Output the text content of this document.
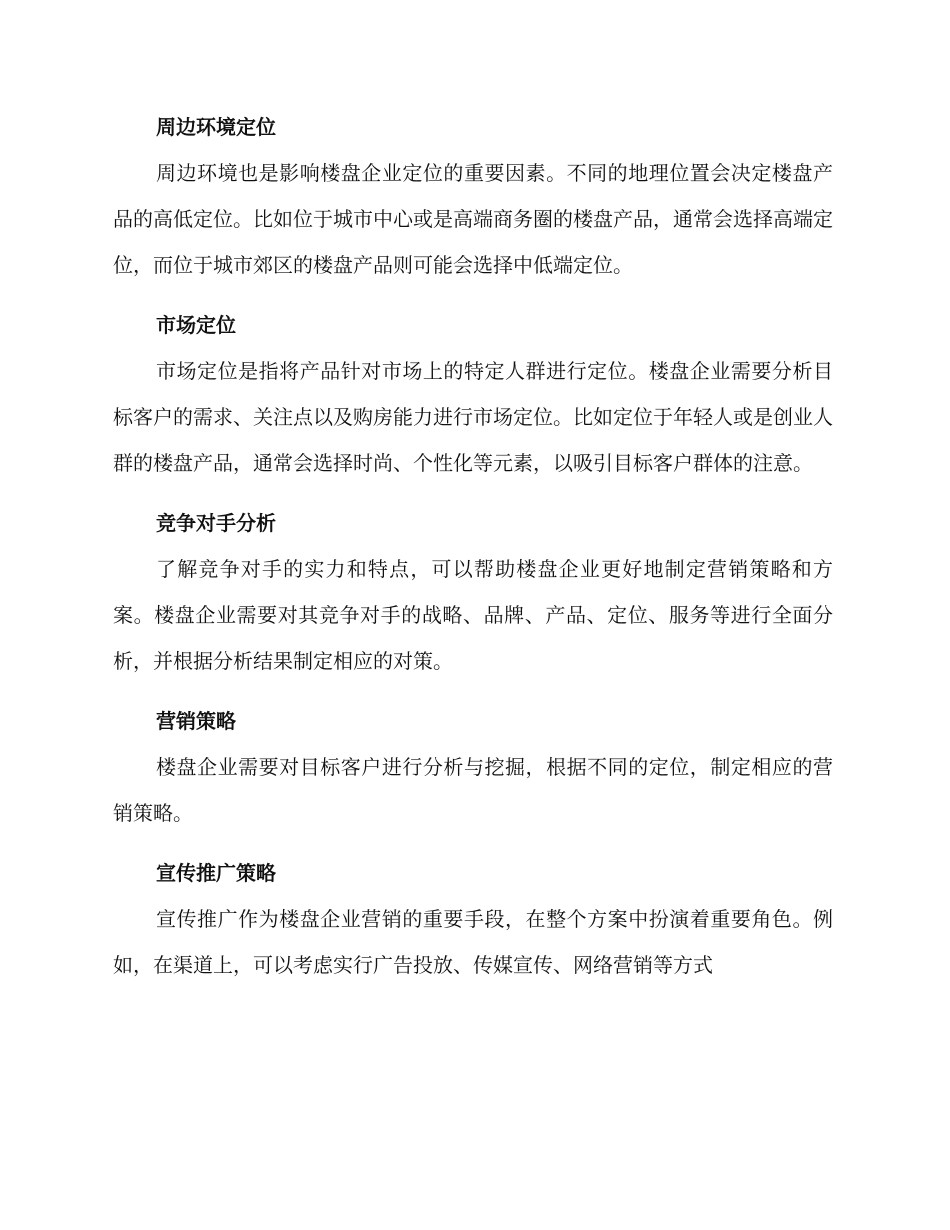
周边环境定位

周边环境也是影响楼盘企业定位的重要因素。不同的地理位置会决定楼盘产品的高低定位。比如位于城市中心或是高端商务圈的楼盘产品，通常会选择高端定位，而位于城市郊区的楼盘产品则可能会选择中低端定位。

市场定位

市场定位是指将产品针对市场上的特定人群进行定位。楼盘企业需要分析目标客户的需求、关注点以及购房能力进行市场定位。比如定位于年轻人或是创业人群的楼盘产品，通常会选择时尚、个性化等元素，以吸引目标客户群体的注意。

竞争对手分析

了解竞争对手的实力和特点，可以帮助楼盘企业更好地制定营销策略和方案。楼盘企业需要对其竞争对手的战略、品牌、产品、定位、服务等进行全面分析，并根据分析结果制定相应的对策。

营销策略

楼盘企业需要对目标客户进行分析与挖掘，根据不同的定位，制定相应的营销策略。

宣传推广策略

宣传推广作为楼盘企业营销的重要手段，在整个方案中扮演着重要角色。例如，在渠道上，可以考虑实行广告投放、传媒宣传、网络营销等方式
